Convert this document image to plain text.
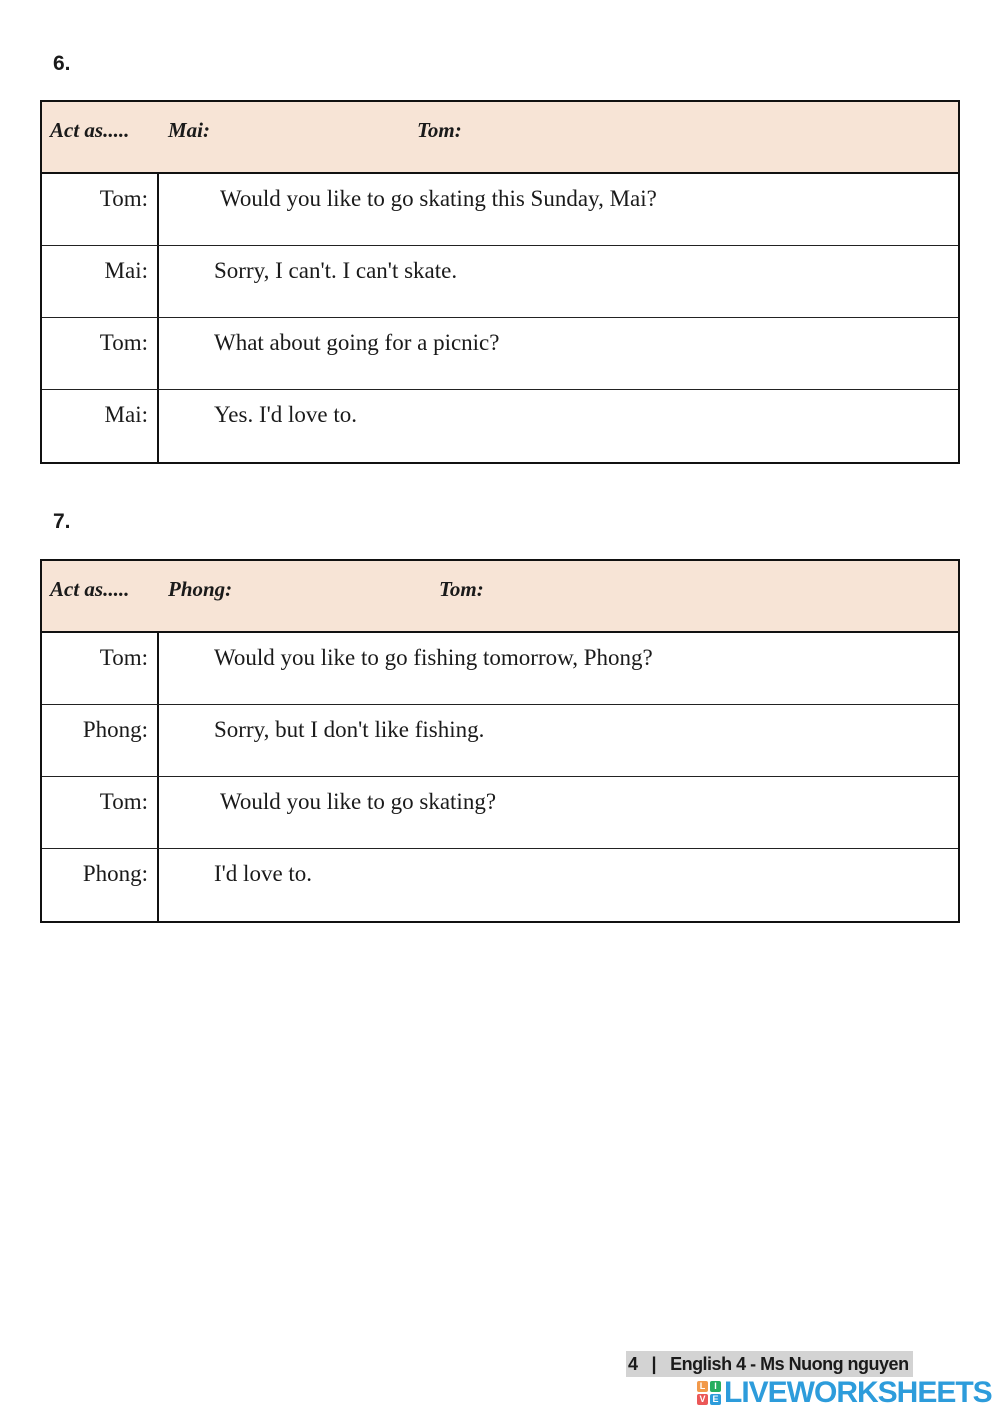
6.
Act as..... Mai:	Tom:
Tom:	Would you like to go skating this Sunday, Mai?
Mai:	Sorry, I can't. I can't skate.
Tom:	What about going for a picnic?
Mai:	Yes. I'd love to.
7.
Act as..... Phong:	Tom:
Tom:	Would you like to go fishing tomorrow, Phong?
Phong:	Sorry, but I don't like fishing.
Tom:	Would you like to go skating?
Phong:	I'd love to.
4 | English 4 - Ms Nuong nguyen
L I
V E LIVEWORKSHEETS
